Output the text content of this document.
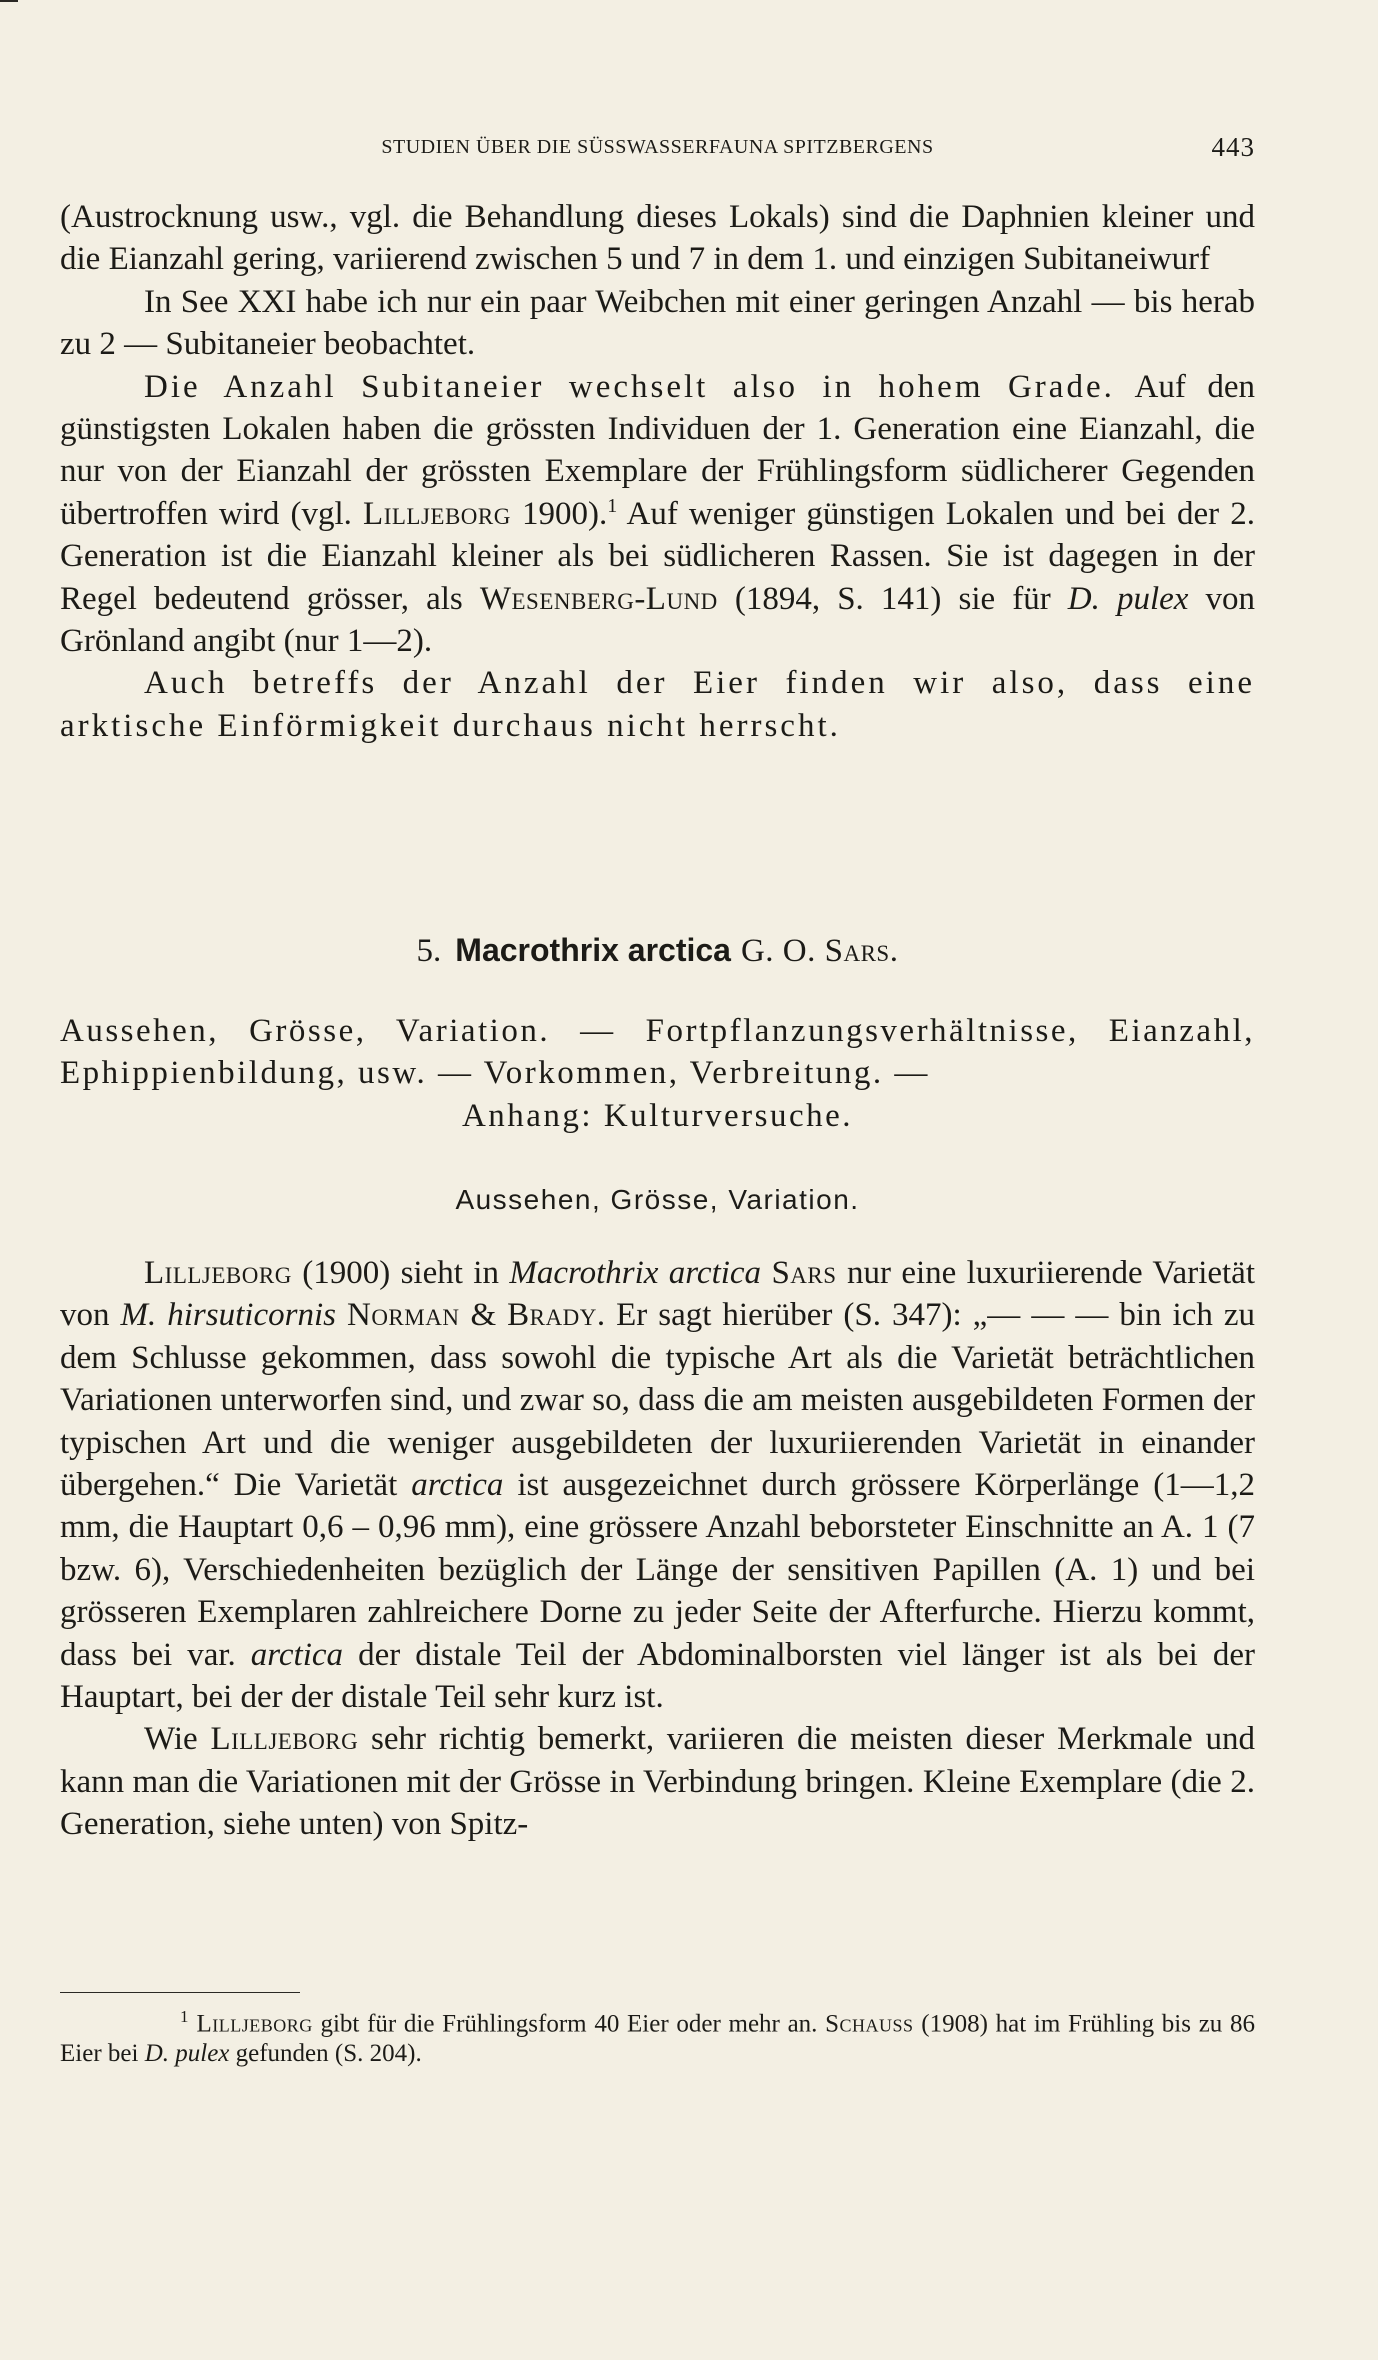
STUDIEN ÜBER DIE SÜSSWASSERFAUNA SPITZBERGENS	443

(Austrocknung usw., vgl. die Behandlung dieses Lokals) sind die Daphnien kleiner und die Eianzahl gering, variierend zwischen 5 und 7 in dem 1. und einzigen Subitaneiwurf

In See XXI habe ich nur ein paar Weibchen mit einer geringen Anzahl — bis herab zu 2 — Subitaneier beobachtet.

Die Anzahl Subitaneier wechselt also in hohem Grade. Auf den günstigsten Lokalen haben die grössten Individuen der 1. Generation eine Eianzahl, die nur von der Eianzahl der grössten Exemplare der Frühlingsform südlicherer Gegenden übertroffen wird (vgl. Lilljeborg 1900).$^1$ Auf weniger günstigen Lokalen und bei der 2. Generation ist die Eianzahl kleiner als bei südlicheren Rassen. Sie ist dagegen in der Regel bedeutend grösser, als Wesenberg-Lund (1894, S. 141) sie für D. pulex von Grönland angibt (nur 1—2).

Auch betreffs der Anzahl der Eier finden wir also, dass eine arktische Einförmigkeit durchaus nicht herrscht.

5. Macrothrix arctica G. O. Sars.
Aussehen, Grösse, Variation. — Fortpflanzungsverhältnisse, Eianzahl, Ephippienbildung, usw. — Vorkommen, Verbreitung. —
Anhang: Kulturversuche.
Aussehen, Grösse, Variation.

Lilljeborg (1900) sieht in Macrothrix arctica Sars nur eine luxuriierende Varietät von M. hirsuticornis Norman & Brady. Er sagt hierüber (S. 347): „— — — bin ich zu dem Schlusse gekommen, dass sowohl die typische Art als die Varietät beträchtlichen Variationen unterworfen sind, und zwar so, dass die am meisten ausgebildeten Formen der typischen Art und die weniger ausgebildeten der luxuriierenden Varietät in einander übergehen.“ Die Varietät arctica ist ausgezeichnet durch grössere Körperlänge (1—1,2 mm, die Hauptart 0,6 – 0,96 mm), eine grössere Anzahl beborsteter Einschnitte an A. 1 (7 bzw. 6), Verschiedenheiten bezüglich der Länge der sensitiven Papillen (A. 1) und bei grösseren Exemplaren zahlreichere Dorne zu jeder Seite der Afterfurche. Hierzu kommt, dass bei var. arctica der distale Teil der Abdominalborsten viel länger ist als bei der Hauptart, bei der der distale Teil sehr kurz ist.

Wie Lilljeborg sehr richtig bemerkt, variieren die meisten dieser Merkmale und kann man die Variationen mit der Grösse in Verbindung bringen. Kleine Exemplare (die 2. Generation, siehe unten) von Spitz-

$^1$ Lilljeborg gibt für die Frühlingsform 40 Eier oder mehr an. Schauss (1908) hat im Frühling bis zu 86 Eier bei D. pulex gefunden (S. 204).
